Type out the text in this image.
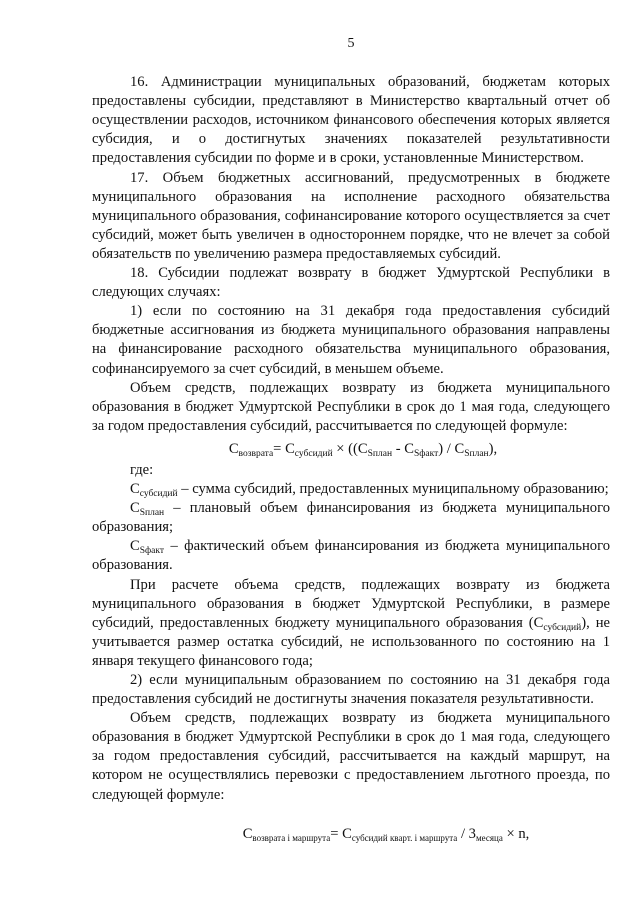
5

16. Администрации муниципальных образований, бюджетам которых предоставлены субсидии, представляют в Министерство квартальный отчет об осуществлении расходов, источником финансового обеспечения которых является субсидия, и о достигнутых значениях показателей результативности предоставления субсидии по форме и в сроки, установленные Министерством.

17. Объем бюджетных ассигнований, предусмотренных в бюджете муниципального образования на исполнение расходного обязательства муниципального образования, софинансирование которого осуществляется за счет субсидий, может быть увеличен в одностороннем порядке, что не влечет за собой обязательств по увеличению размера предоставляемых субсидий.

18. Субсидии подлежат возврату в бюджет Удмуртской Республики в следующих случаях:

1) если по состоянию на 31 декабря года предоставления субсидий бюджетные ассигнования из бюджета муниципального образования направлены на финансирование расходного обязательства муниципального образования, софинансируемого за счет субсидий, в меньшем объеме.

Объем средств, подлежащих возврату из бюджета муниципального образования в бюджет Удмуртской Республики в срок до 1 мая года, следующего за годом предоставления субсидий, рассчитывается по следующей формуле:

$С_{возврата}= С_{субсидий} \times ((С_{Sплан} - С_{Sфакт}) / С_{Sплан})$,

где:

$С_{субсидий}$ – сумма субсидий, предоставленных муниципальному образованию;

$С_{Sплан}$ – плановый объем финансирования из бюджета муниципального образования;

$С_{Sфакт}$ – фактический объем финансирования из бюджета муниципального образования.

При расчете объема средств, подлежащих возврату из бюджета муниципального образования в бюджет Удмуртской Республики, в размере субсидий, предоставленных бюджету муниципального образования $(С_{субсидий})$, не учитывается размер остатка субсидий, не использованного по состоянию на 1 января текущего финансового года;

2) если муниципальным образованием по состоянию на 31 декабря года предоставления субсидий не достигнуты значения показателя результативности.

Объем средств, подлежащих возврату из бюджета муниципального образования в бюджет Удмуртской Республики в срок до 1 мая года, следующего за годом предоставления субсидий, рассчитывается на каждый маршрут, на котором не осуществлялись перевозки с предоставлением льготного проезда, по следующей формуле:

$С_{возврата i маршрута}= С_{субсидий кварт. i маршрута} / 3_{месяца} \times n$,
